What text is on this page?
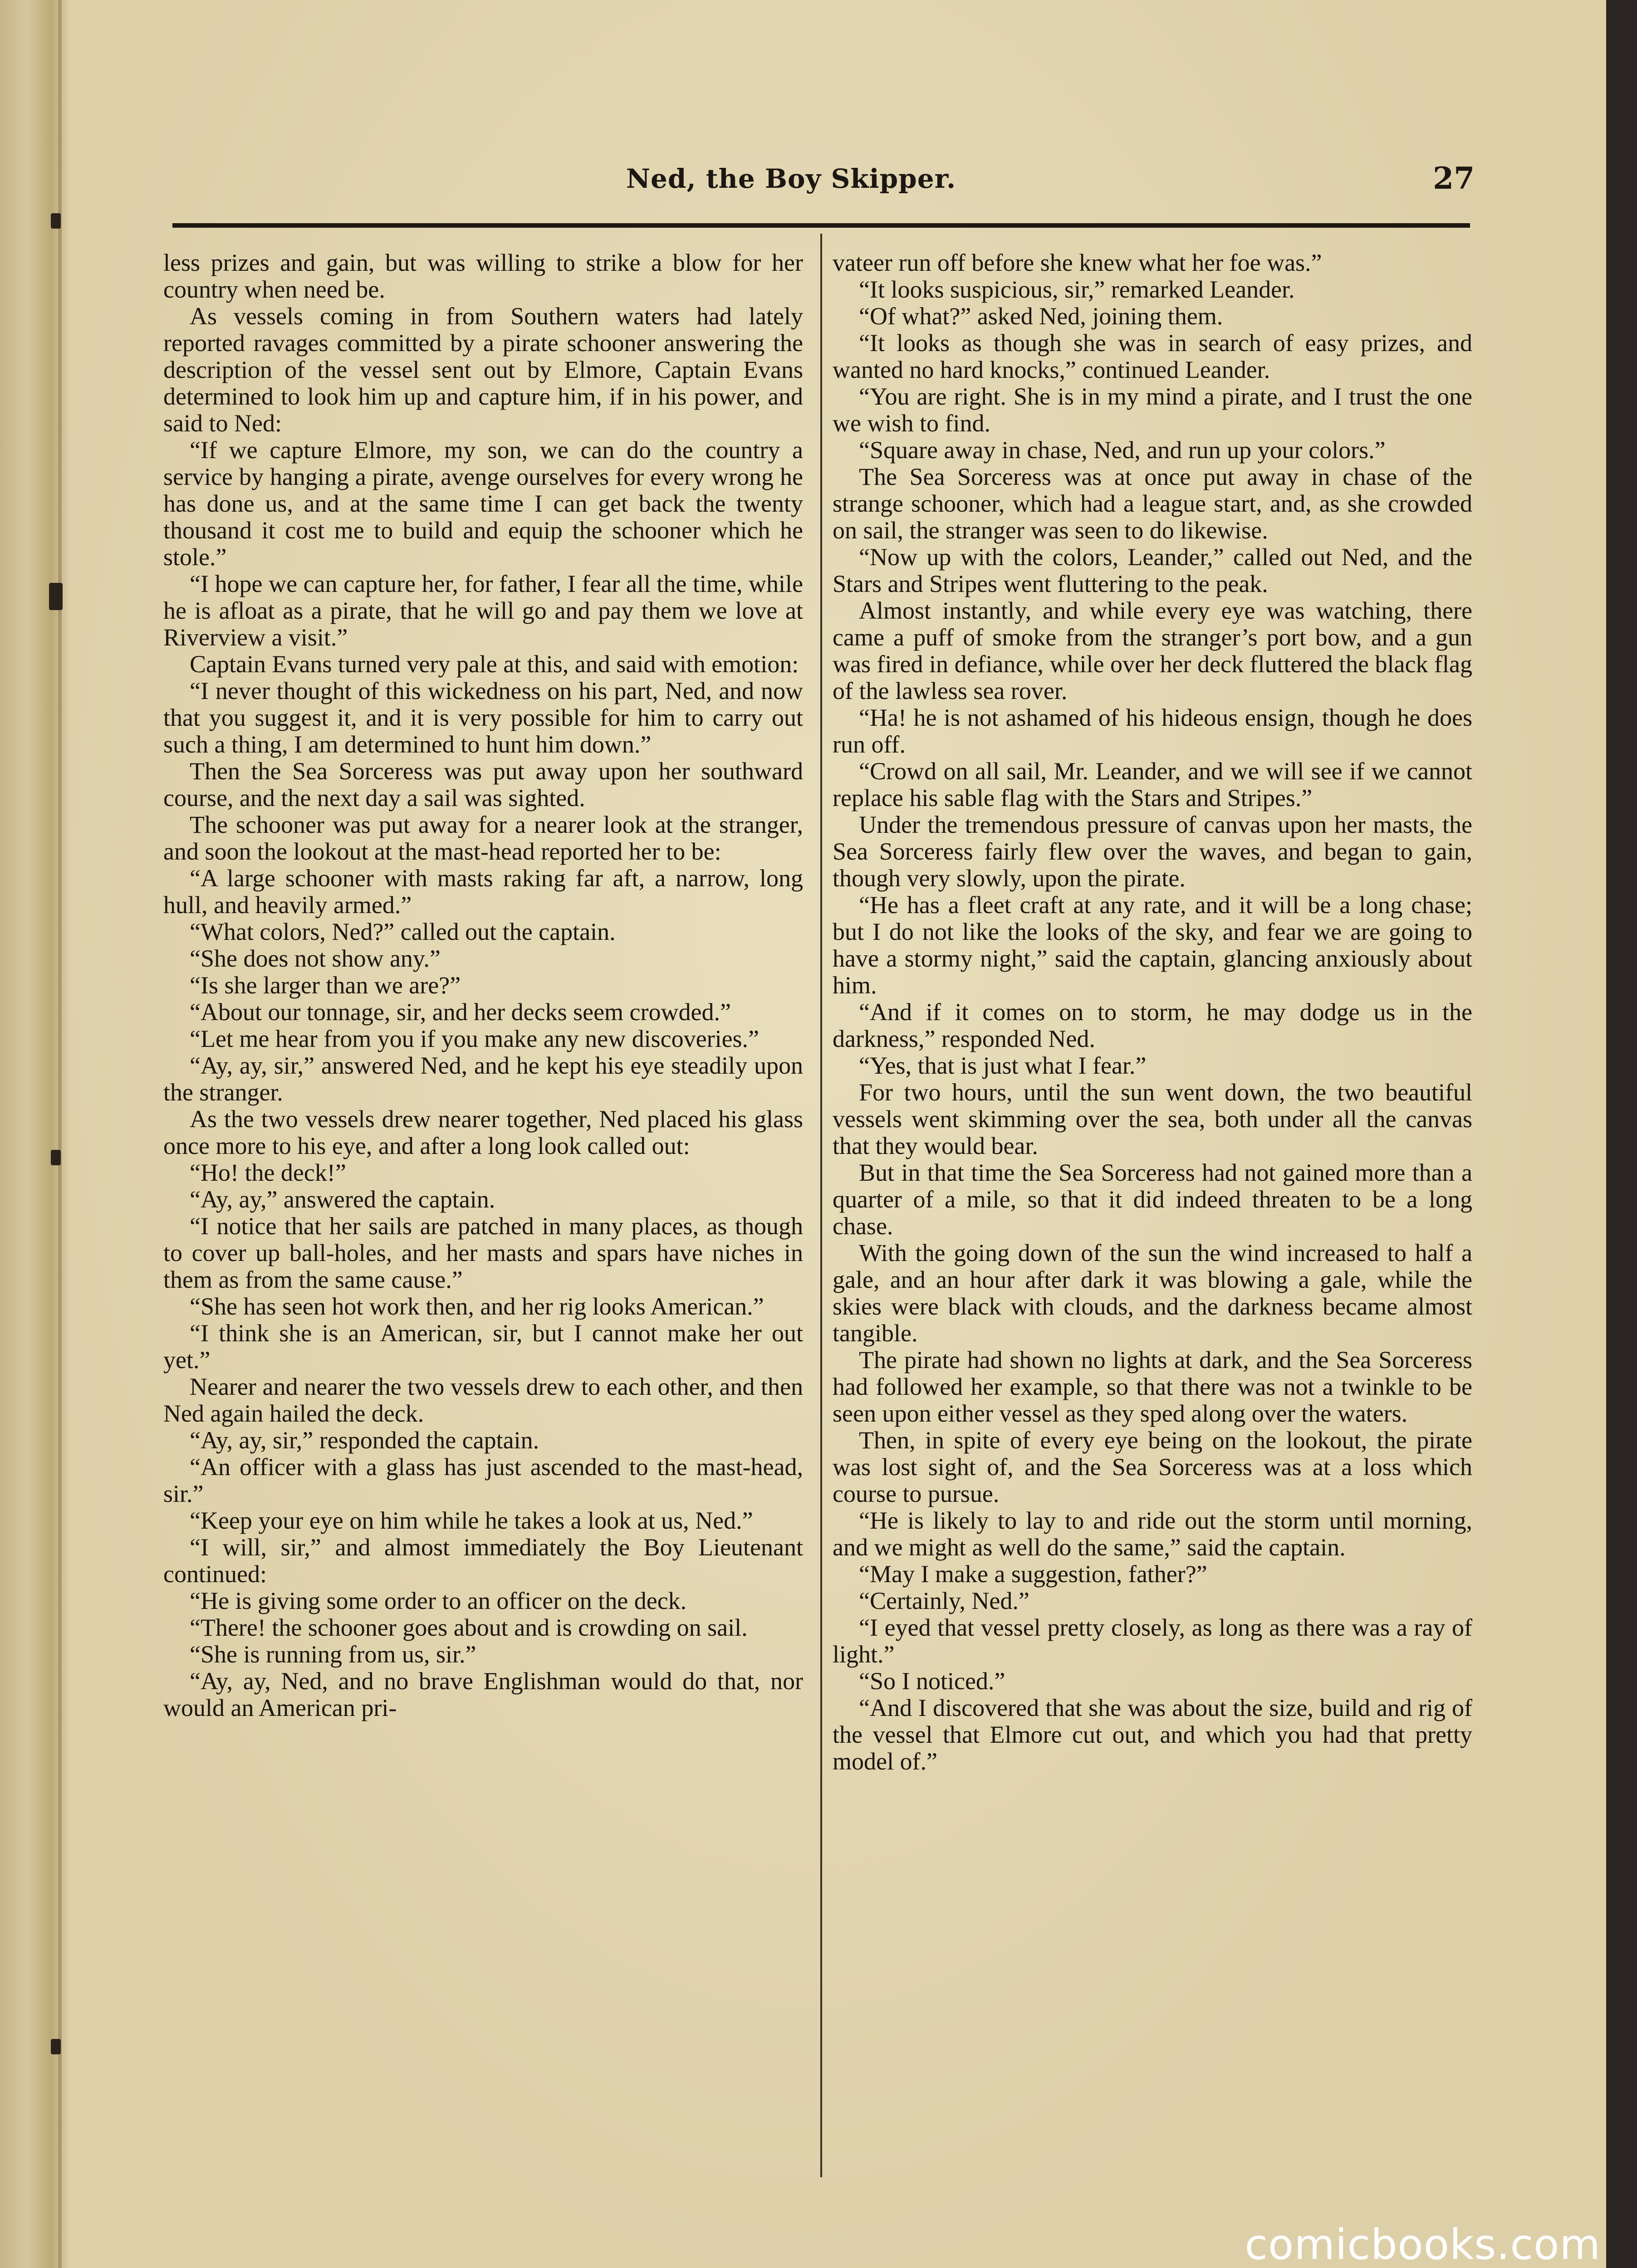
Ned, the Boy Skipper.	27

less prizes and gain, but was willing to strike a blow for her country when need be.

As vessels coming in from Southern waters had lately reported ravages committed by a pirate schooner answering the description of the vessel sent out by Elmore, Captain Evans determined to look him up and capture him, if in his power, and said to Ned:

“If we capture Elmore, my son, we can do the country a service by hanging a pirate, avenge ourselves for every wrong he has done us, and at the same time I can get back the twenty thousand it cost me to build and equip the schooner which he stole.”

“I hope we can capture her, for father, I fear all the time, while he is afloat as a pirate, that he will go and pay them we love at Riverview a visit.”

Captain Evans turned very pale at this, and said with emotion:

“I never thought of this wickedness on his part, Ned, and now that you suggest it, and it is very possible for him to carry out such a thing, I am determined to hunt him down.”

Then the Sea Sorceress was put away upon her southward course, and the next day a sail was sighted.

The schooner was put away for a nearer look at the stranger, and soon the lookout at the mast-head reported her to be:

“A large schooner with masts raking far aft, a narrow, long hull, and heavily armed.”

“What colors, Ned?” called out the captain.

“She does not show any.”

“Is she larger than we are?”

“About our tonnage, sir, and her decks seem crowded.”

“Let me hear from you if you make any new discoveries.”

“Ay, ay, sir,” answered Ned, and he kept his eye steadily upon the stranger.

As the two vessels drew nearer together, Ned placed his glass once more to his eye, and after a long look called out:

“Ho! the deck!”

“Ay, ay,” answered the captain.

“I notice that her sails are patched in many places, as though to cover up ball-holes, and her masts and spars have niches in them as from the same cause.”

“She has seen hot work then, and her rig looks American.”

“I think she is an American, sir, but I cannot make her out yet.”

Nearer and nearer the two vessels drew to each other, and then Ned again hailed the deck.

“Ay, ay, sir,” responded the captain.

“An officer with a glass has just ascended to the mast-head, sir.”

“Keep your eye on him while he takes a look at us, Ned.”

“I will, sir,” and almost immediately the Boy Lieutenant continued:

“He is giving some order to an officer on the deck.

“There! the schooner goes about and is crowding on sail.

“She is running from us, sir.”

“Ay, ay, Ned, and no brave Englishman would do that, nor would an American pri-

vateer run off before she knew what her foe was.”

“It looks suspicious, sir,” remarked Leander.

“Of what?” asked Ned, joining them.

“It looks as though she was in search of easy prizes, and wanted no hard knocks,” continued Leander.

“You are right. She is in my mind a pirate, and I trust the one we wish to find.

“Square away in chase, Ned, and run up your colors.”

The Sea Sorceress was at once put away in chase of the strange schooner, which had a league start, and, as she crowded on sail, the stranger was seen to do likewise.

“Now up with the colors, Leander,” called out Ned, and the Stars and Stripes went fluttering to the peak.

Almost instantly, and while every eye was watching, there came a puff of smoke from the stranger’s port bow, and a gun was fired in defiance, while over her deck fluttered the black flag of the lawless sea rover.

“Ha! he is not ashamed of his hideous ensign, though he does run off.

“Crowd on all sail, Mr. Leander, and we will see if we cannot replace his sable flag with the Stars and Stripes.”

Under the tremendous pressure of canvas upon her masts, the Sea Sorceress fairly flew over the waves, and began to gain, though very slowly, upon the pirate.

“He has a fleet craft at any rate, and it will be a long chase; but I do not like the looks of the sky, and fear we are going to have a stormy night,” said the captain, glancing anxiously about him.

“And if it comes on to storm, he may dodge us in the darkness,” responded Ned.

“Yes, that is just what I fear.”

For two hours, until the sun went down, the two beautiful vessels went skimming over the sea, both under all the canvas that they would bear.

But in that time the Sea Sorceress had not gained more than a quarter of a mile, so that it did indeed threaten to be a long chase.

With the going down of the sun the wind increased to half a gale, and an hour after dark it was blowing a gale, while the skies were black with clouds, and the darkness became almost tangible.

The pirate had shown no lights at dark, and the Sea Sorceress had followed her example, so that there was not a twinkle to be seen upon either vessel as they sped along over the waters.

Then, in spite of every eye being on the lookout, the pirate was lost sight of, and the Sea Sorceress was at a loss which course to pursue.

“He is likely to lay to and ride out the storm until morning, and we might as well do the same,” said the captain.

“May I make a suggestion, father?”

“Certainly, Ned.”

“I eyed that vessel pretty closely, as long as there was a ray of light.”

“So I noticed.”

“And I discovered that she was about the size, build and rig of the vessel that Elmore cut out, and which you had that pretty model of.”

comicbooks.com
